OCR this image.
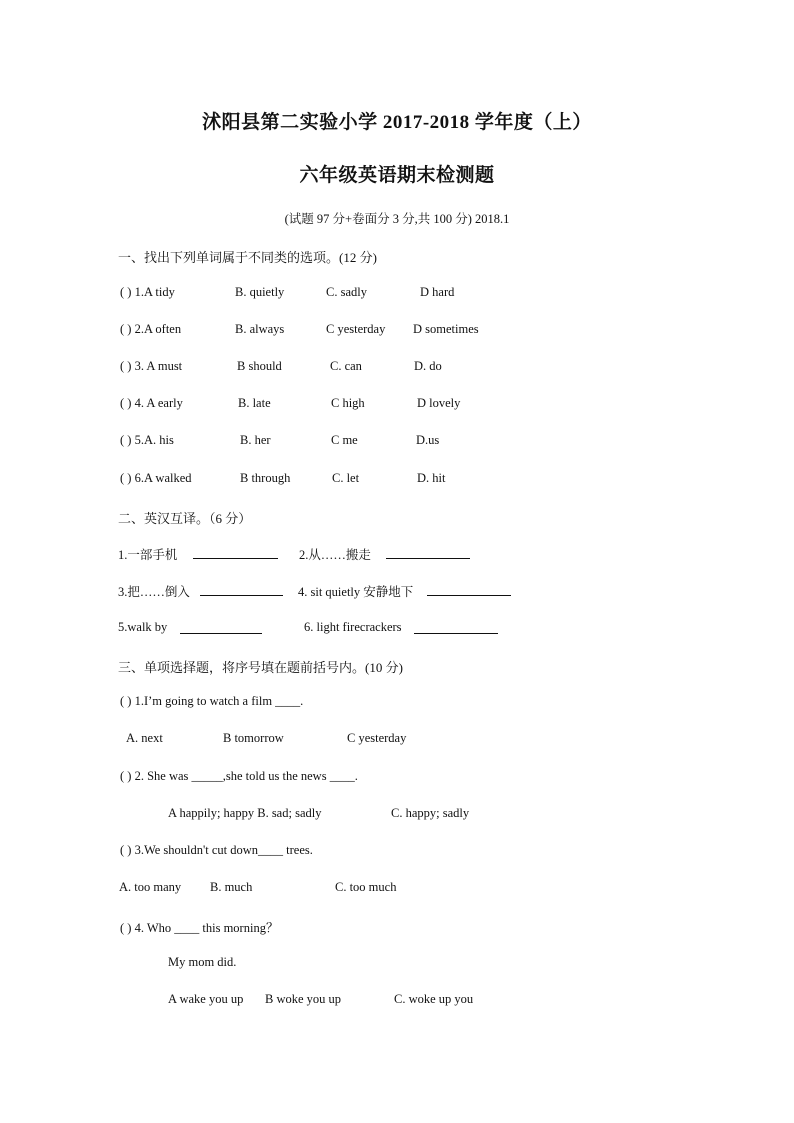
沭阳县第二实验小学 2017-2018 学年度（上）
六年级英语期末检测题
(试题 97 分+卷面分 3 分,共 100 分) 2018.1
一、找出下列单词属于不同类的选项。(12 分)
( ) 1.A tidy	B. quietly	C. sadly	D hard
( ) 2.A often	B. always	C yesterday D sometimes
( ) 3. A must	B should	C. can	D. do
( ) 4. A early	B. late	C high	D lovely
( ) 5.A. his	B. her	C me	D.us
( ) 6.A walked	B through	C. let	D. hit
二、英汉互译。（6 分）
1.一部手机	2.从……搬走
3.把……倒入	4. sit quietly 安静地下
5.walk by	6. light firecrackers
三、单项选择题，将序号填在题前括号内。(10 分)
( ) 1.I’m going to watch a film ____.
A. next	B tomorrow	C yesterday
( ) 2. She was _____,she told us the news ____.
A happily; happy B. sad; sadly	C. happy; sadly
( ) 3.We shouldn't cut down____ trees.
A. too many B. much	C. too much
( ) 4. Who ____ this morning？
My mom did.
A wake you up B woke you up	C. woke up you
